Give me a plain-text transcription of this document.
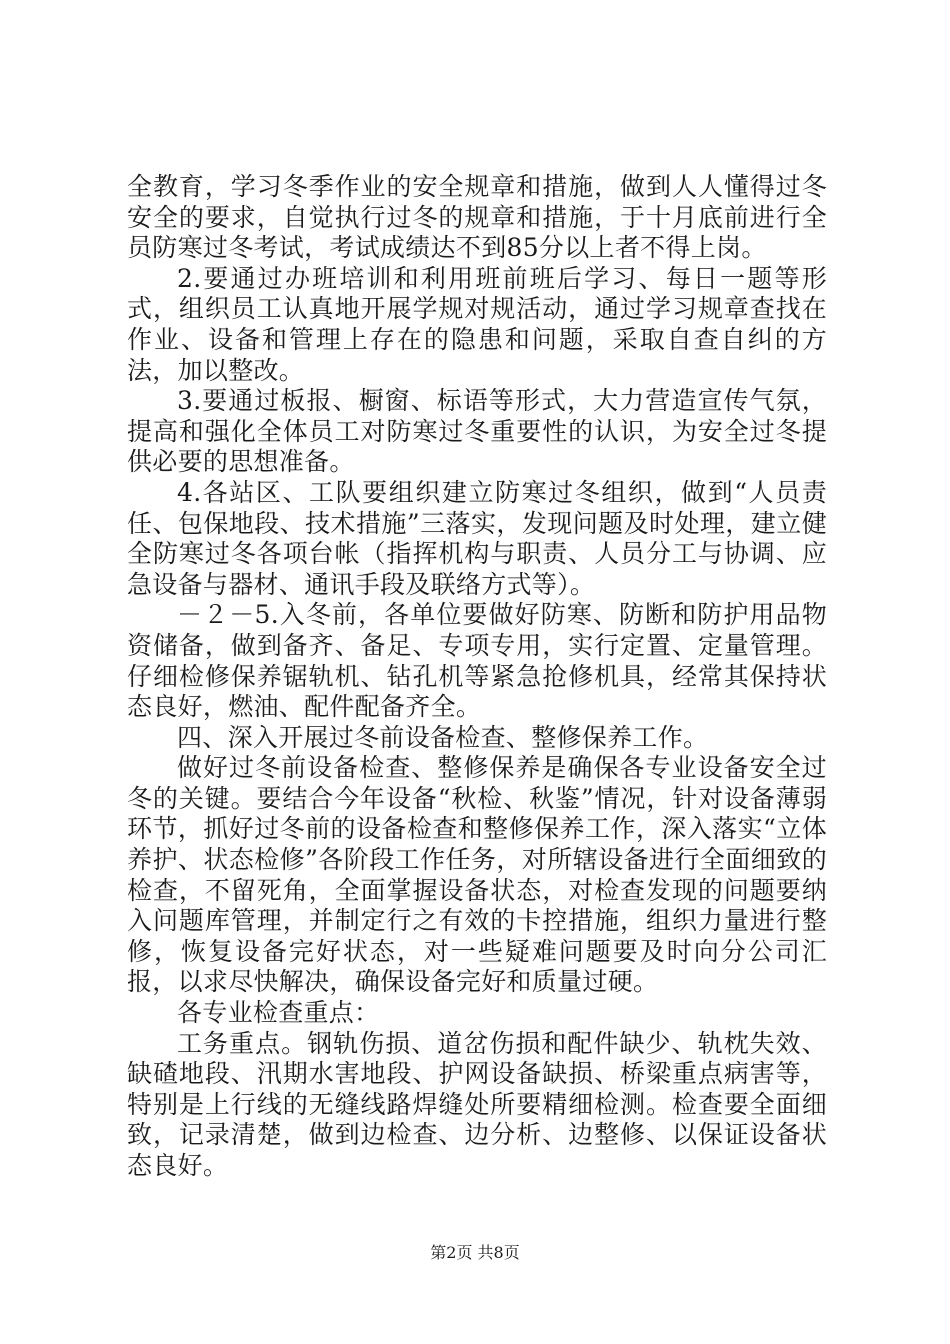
全教育，学习冬季作业的安全规章和措施，做到人人懂得过冬安全的要求，自觉执行过冬的规章和措施，于十月底前进行全员防寒过冬考试，考试成绩达不到85分以上者不得上岗。

2.要通过办班培训和利用班前班后学习、每日一题等形式，组织员工认真地开展学规对规活动，通过学习规章查找在作业、设备和管理上存在的隐患和问题，采取自查自纠的方法，加以整改。

3.要通过板报、橱窗、标语等形式，大力营造宣传气氛，提高和强化全体员工对防寒过冬重要性的认识，为安全过冬提供必要的思想准备。

4.各站区、工队要组织建立防寒过冬组织，做到“人员责任、包保地段、技术措施”三落实，发现问题及时处理，建立健全防寒过冬各项台帐（指挥机构与职责、人员分工与协调、应急设备与器材、通讯手段及联络方式等）。

－２－5.入冬前，各单位要做好防寒、防断和防护用品物资储备，做到备齐、备足、专项专用，实行定置、定量管理。仔细检修保养锯轨机、钻孔机等紧急抢修机具，经常其保持状态良好，燃油、配件配备齐全。

四、深入开展过冬前设备检查、整修保养工作。

做好过冬前设备检查、整修保养是确保各专业设备安全过冬的关键。要结合今年设备“秋检、秋鉴”情况，针对设备薄弱环节，抓好过冬前的设备检查和整修保养工作，深入落实“立体养护、状态检修”各阶段工作任务，对所辖设备进行全面细致的检查，不留死角，全面掌握设备状态，对检查发现的问题要纳入问题库管理，并制定行之有效的卡控措施，组织力量进行整修，恢复设备完好状态，对一些疑难问题要及时向分公司汇报，以求尽快解决，确保设备完好和质量过硬。

各专业检查重点：

工务重点。钢轨伤损、道岔伤损和配件缺少、轨枕失效、缺碴地段、汛期水害地段、护网设备缺损、桥梁重点病害等，特别是上行线的无缝线路焊缝处所要精细检测。检查要全面细致，记录清楚，做到边检查、边分析、边整修、以保证设备状态良好。

第2页 共8页
